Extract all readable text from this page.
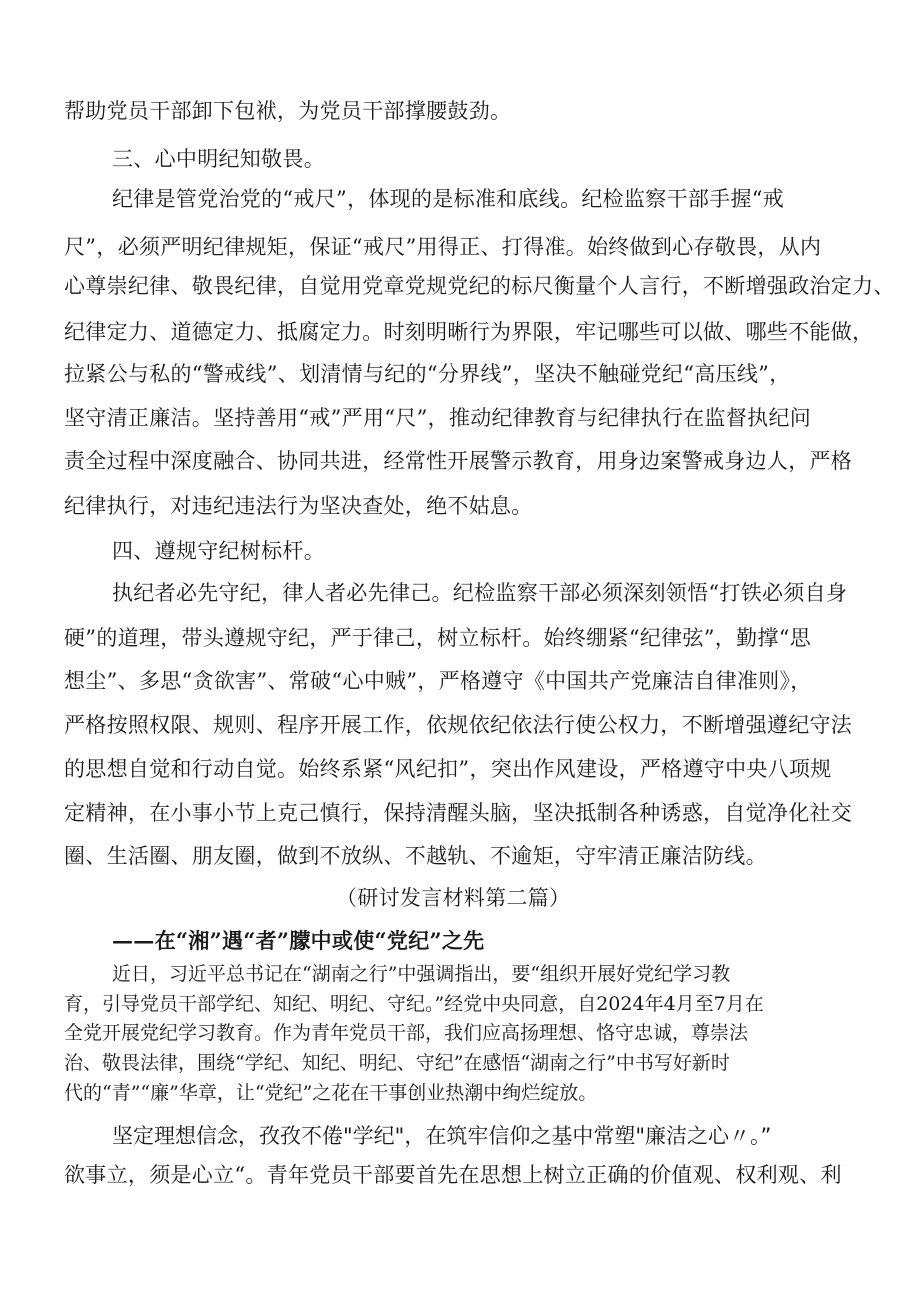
帮助党员干部卸下包袱，为党员干部撑腰鼓劲。
三、心中明纪知敬畏。
纪律是管党治党的“戒尺”，体现的是标准和底线。纪检监察干部手握“戒
尺”，必须严明纪律规矩，保证“戒尺”用得正、打得准。始终做到心存敬畏，从内
心尊崇纪律、敬畏纪律，自觉用党章党规党纪的标尺衡量个人言行，不断增强政治定力、
纪律定力、道德定力、抵腐定力。时刻明晰行为界限，牢记哪些可以做、哪些不能做，
拉紧公与私的“警戒线”、划清情与纪的“分界线”，坚决不触碰党纪“高压线”，
坚守清正廉洁。坚持善用“戒”严用“尺”，推动纪律教育与纪律执行在监督执纪问
责全过程中深度融合、协同共进，经常性开展警示教育，用身边案警戒身边人，严格
纪律执行，对违纪违法行为坚决查处，绝不姑息。
四、遵规守纪树标杆。
执纪者必先守纪，律人者必先律己。纪检监察干部必须深刻领悟“打铁必须自身
硬”的道理，带头遵规守纪，严于律己，树立标杆。始终绷紧“纪律弦”，勤撑“思
想尘”、多思“贪欲害”、常破“心中贼”，严格遵守《中国共产党廉洁自律准则》，
严格按照权限、规则、程序开展工作，依规依纪依法行使公权力，不断增强遵纪守法
的思想自觉和行动自觉。始终系紧“风纪扣”，突出作风建设，严格遵守中央八项规
定精神，在小事小节上克己慎行，保持清醒头脑，坚决抵制各种诱惑，自觉净化社交
圈、生活圈、朋友圈，做到不放纵、不越轨、不逾矩，守牢清正廉洁防线。
（研讨发言材料第二篇）
——在“湘”遇“者”朦中或使“党纪”之先
近日，习近平总书记在“湖南之行”中强调指出，要“组织开展好党纪学习教
育，引导党员干部学纪、知纪、明纪、守纪。”经党中央同意，自2024年4月至7月在
全党开展党纪学习教育。作为青年党员干部，我们应高扬理想、恪守忠诚，尊崇法
治、敬畏法律，围绕“学纪、知纪、明纪、守纪”在感悟“湖南之行”中书写好新时
代的“青”“廉”华章，让“党纪”之花在干事创业热潮中绚烂绽放。
坚定理想信念，孜孜不倦"学纪"，在筑牢信仰之基中常塑"廉洁之心〃。”
欲事立，须是心立“。青年党员干部要首先在思想上树立正确的价值观、权利观、利
